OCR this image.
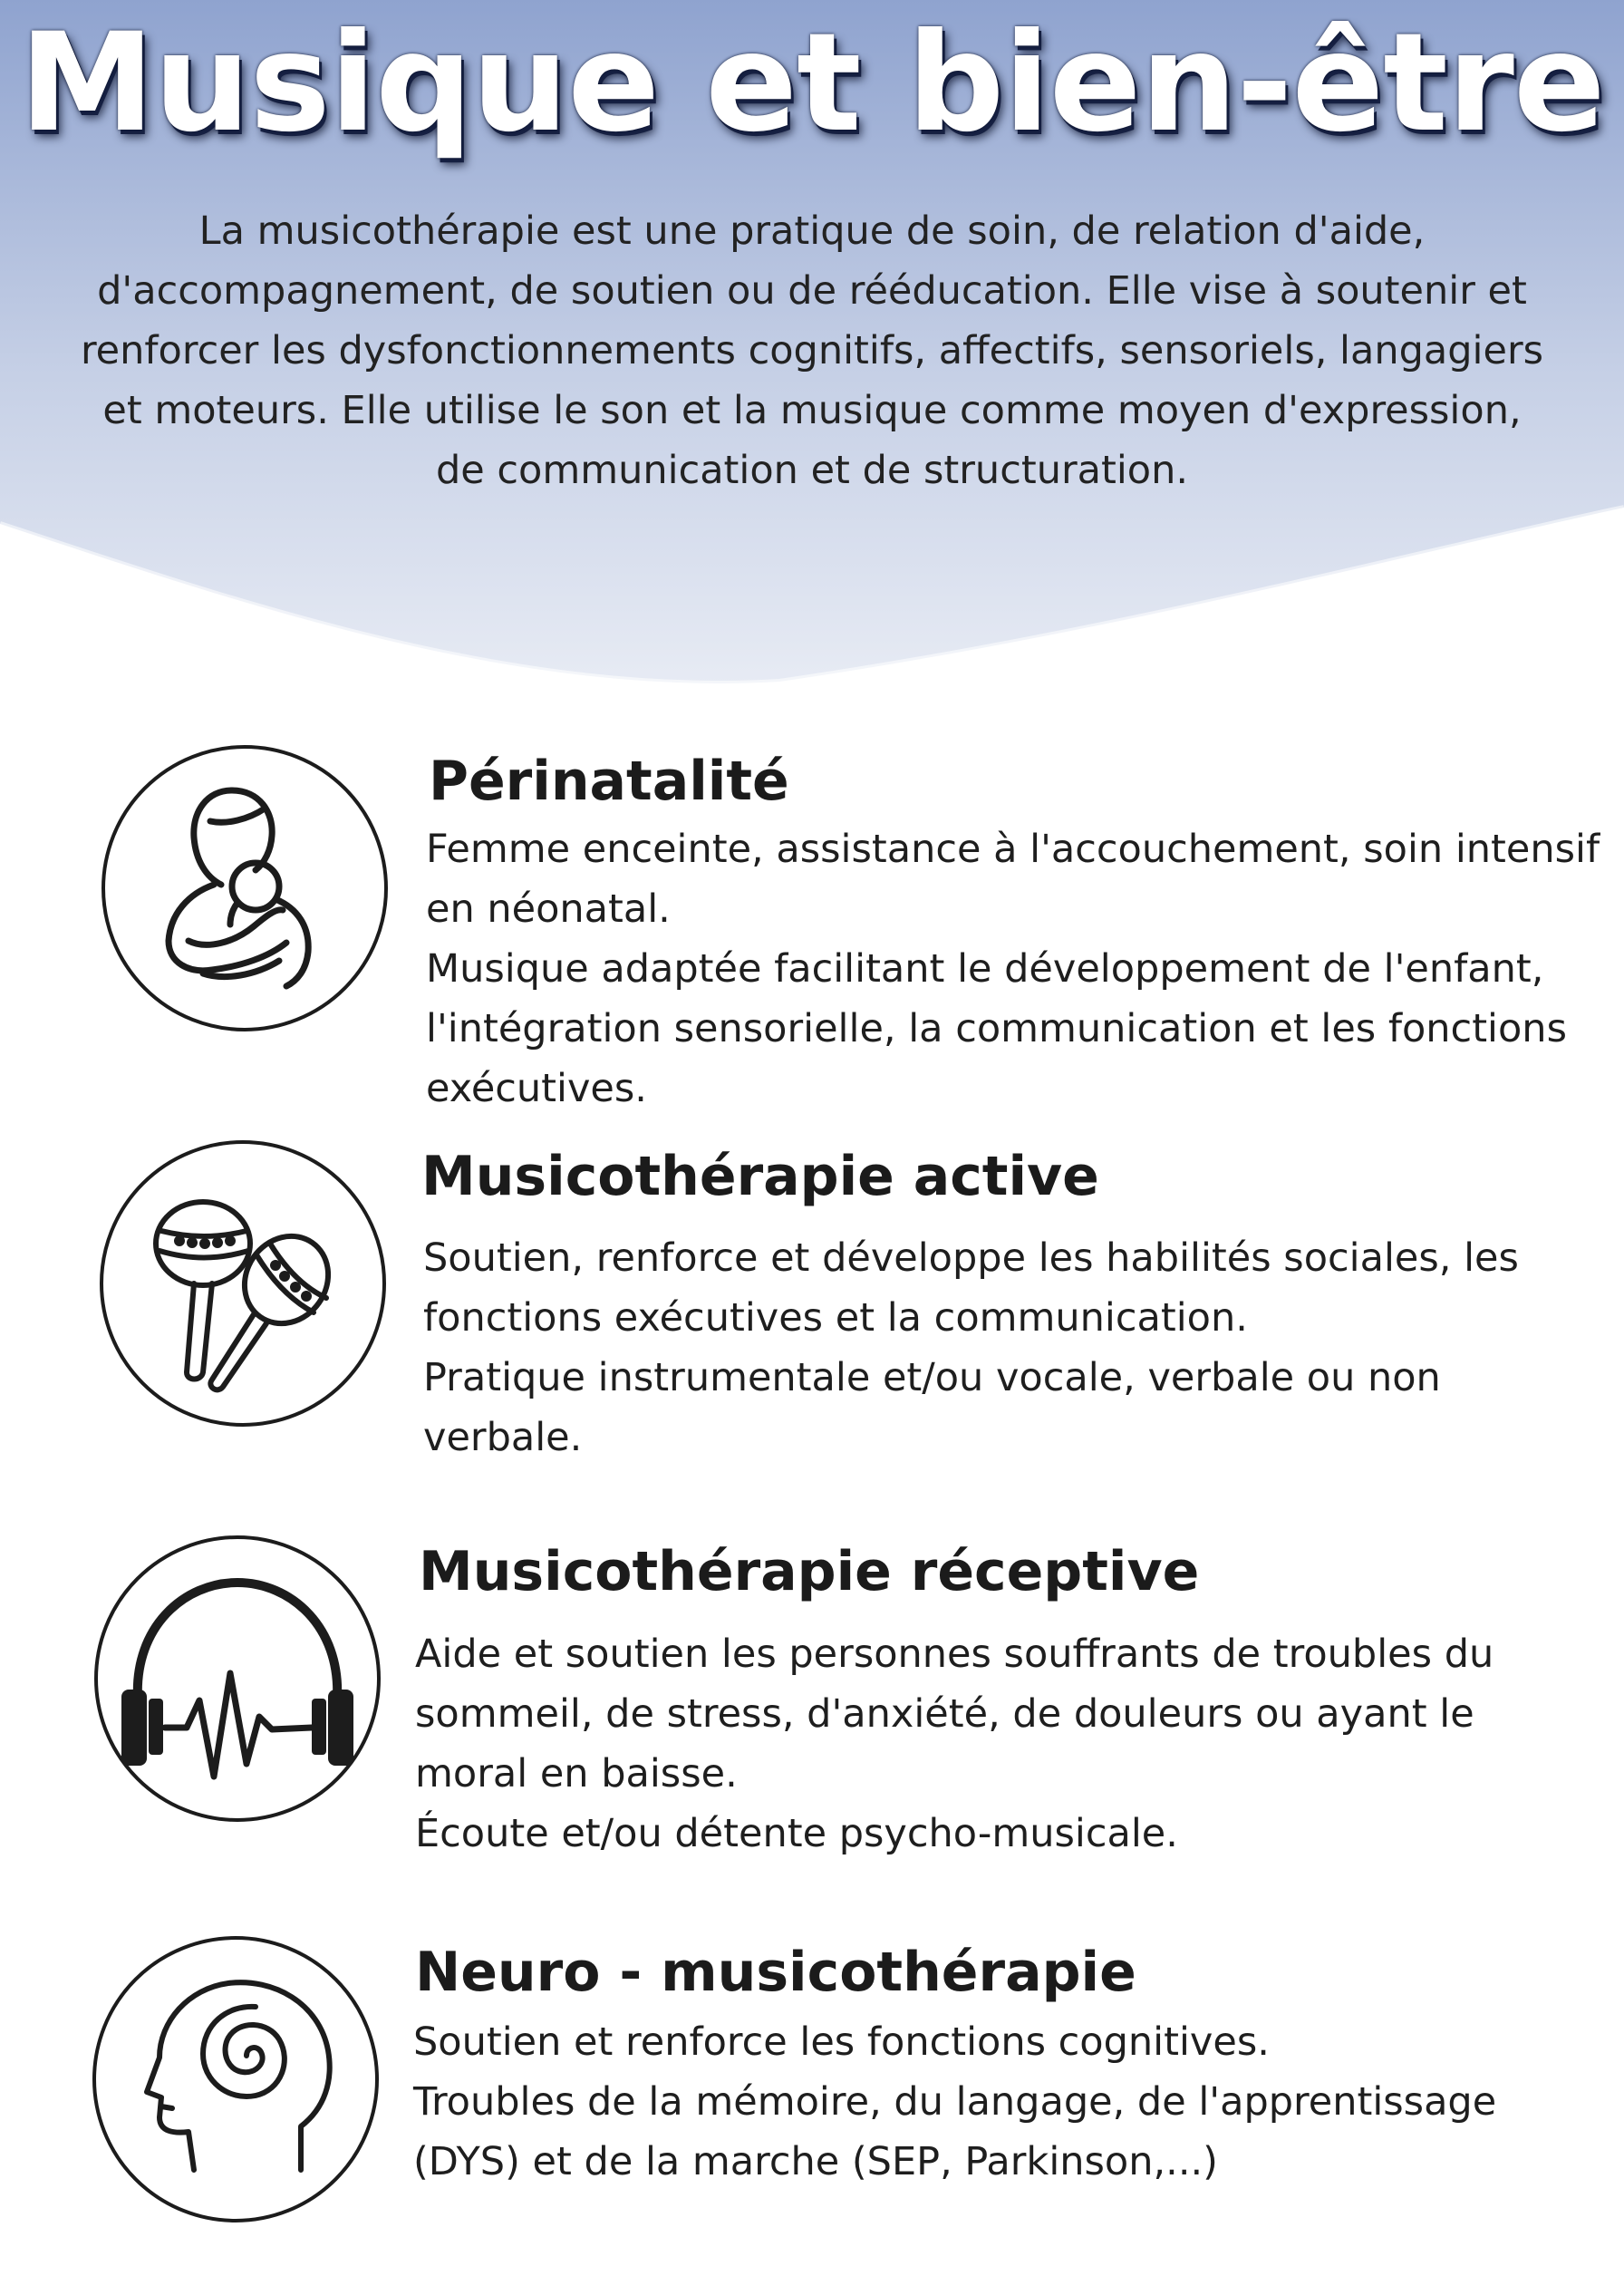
Musique et bien-être

La musicothérapie est une pratique de soin, de relation d'aide, d'accompagnement, de soutien ou de rééducation. Elle vise à soutenir et renforcer les dysfonctionnements cognitifs, affectifs, sensoriels, langagiers et moteurs. Elle utilise le son et la musique comme moyen d'expression, de communication et de structuration.

Périnatalité
Femme enceinte, assistance à l'accouchement, soin intensif en néonatal.
Musique adaptée facilitant le développement de l'enfant, l'intégration sensorielle, la communication et les fonctions exécutives.
Musicothérapie active
Soutien, renforce et développe les habilités sociales, les fonctions exécutives et la communication.
Pratique instrumentale et/ou vocale, verbale ou non verbale.
Musicothérapie réceptive
Aide et soutien les personnes souffrants de troubles du sommeil, de stress, d'anxiété, de douleurs ou ayant le moral en baisse.
Écoute et/ou détente psycho-musicale.
Neuro - musicothérapie
Soutien et renforce les fonctions cognitives.
Troubles de la mémoire, du langage, de l'apprentissage (DYS) et de la marche (SEP, Parkinson,...)
